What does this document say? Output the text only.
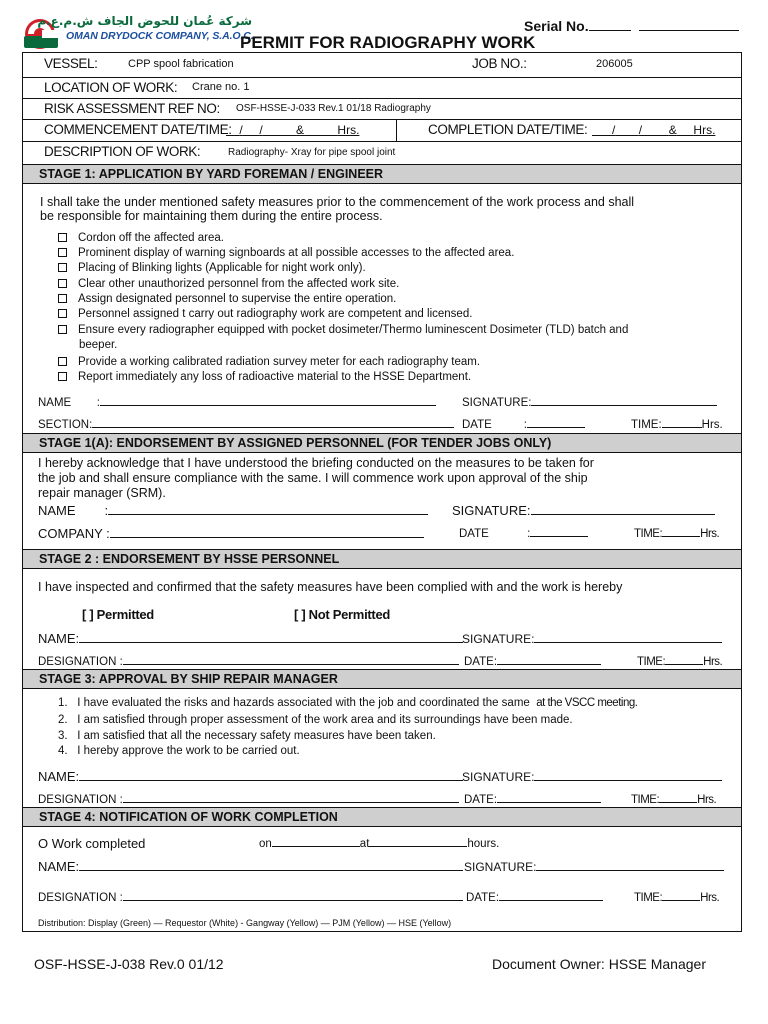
شركة عُمان للحوض الجاف ش.م.ع.م
OMAN DRYDOCK COMPANY, S.A.O.C.
PERMIT FOR RADIOGRAPHY WORK
Serial No.
VESSEL:	CPP spool fabrication	JOB NO.:	206005
LOCATION OF WORK: Crane no. 1
RISK ASSESSMENT REF NO: OSF-HSSE-J-033 Rev.1 01/18 Radiography
COMMENCEMENT DATE/TIME: / /	&	Hrs.	COMPLETION DATE/TIME:	/ / & Hrs.
DESCRIPTION OF WORK:	Radiography- Xray for pipe spool joint
STAGE 1: APPLICATION BY YARD FOREMAN / ENGINEER
I shall take the under mentioned safety measures prior to the commencement of the work process and shall
be responsible for maintaining them during the entire process.
Cordon off the affected area.
Prominent display of warning signboards at all possible accesses to the affected area.
Placing of Blinking lights (Applicable for night work only).
Clear other unauthorized personnel from the affected work site.
Assign designated personnel to supervise the entire operation.
Personnel assigned t carry out radiography work are competent and licensed.
Ensure every radiographer equipped with pocket dosimeter/Thermo luminescent Dosimeter (TLD) batch and
beeper.
Provide a working calibrated radiation survey meter for each radiography team.
Report immediately any loss of radioactive material to the HSSE Department.
NAME :	SIGNATURE:
SECTION:	DATE	:	TIME:	Hrs.
STAGE 1(A): ENDORSEMENT BY ASSIGNED PERSONNEL (FOR TENDER JOBS ONLY)
I hereby acknowledge that I have understood the briefing conducted on the measures to be taken for
the job and shall ensure compliance with the same. I will commence work upon approval of the ship
repair manager (SRM).
NAME :	SIGNATURE:
COMPANY :	DATE	:	TIME:	Hrs.
STAGE 2 : ENDORSEMENT BY HSSE PERSONNEL
I have inspected and confirmed that the safety measures have been complied with and the work is hereby
[ ] Permitted	[ ] Not Permitted
NAME:	SIGNATURE:
DESIGNATION :	DATE:	TIME:	Hrs.
STAGE 3: APPROVAL BY SHIP REPAIR MANAGER
1.   I have evaluated the risks and hazards associated with the job and coordinated the same at the VSCC meeting.
2.   I am satisfied through proper assessment of the work area and its surroundings have been made.
3.   I am satisfied that all the necessary safety measures have been taken.
4.   I hereby approve the work to be carried out.
NAME:	SIGNATURE:
DESIGNATION :	DATE:	TIME:	Hrs.
STAGE 4: NOTIFICATION OF WORK COMPLETION
O Work completed	on	at	hours.
NAME:	SIGNATURE:
DESIGNATION :	DATE:	TIME:	Hrs.
Distribution: Display (Green) — Requestor (White) - Gangway (Yellow) — PJM (Yellow) — HSE (Yellow)
OSF-HSSE-J-038 Rev.0 01/12	Document Owner: HSSE Manager
